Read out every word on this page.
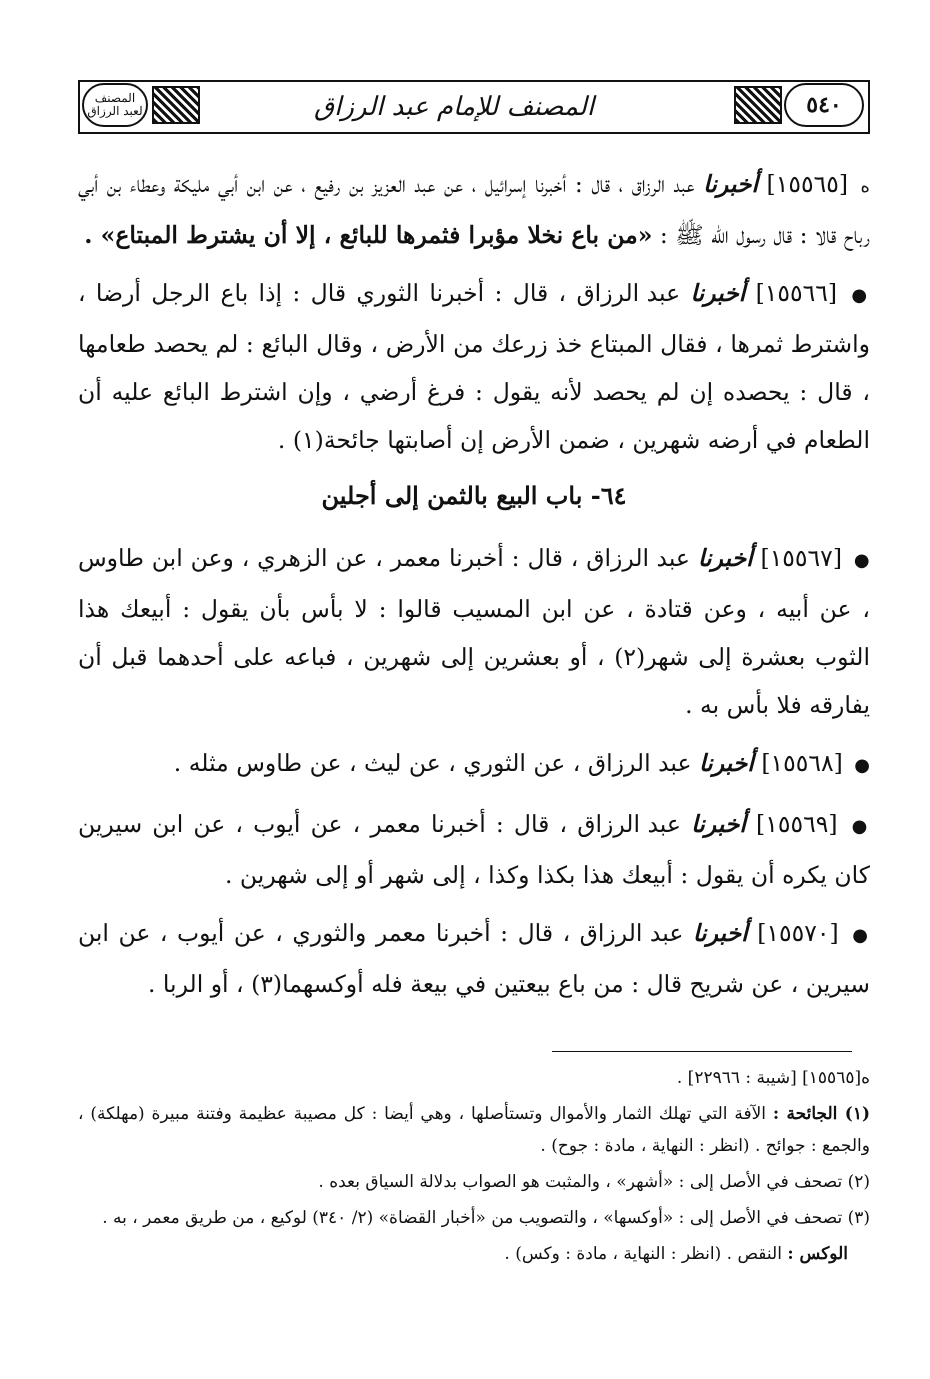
المصنف لعبد الرزاق	المصنف للإمام عبد الرزاق	٥٤٠

ه [١٥٥٦٥] أخبرنا عبد الرزاق ، قال : أخبرنا إسرائيل ، عن عبد العزيز بن رفيع ، عن ابن أبي مليكة وعطاء بن أبي رباح قالا : قال رسول الله ﷺ : «من باع نخلا مؤبرا فثمرها للبائع ، إلا أن يشترط المبتاع» .

● [١٥٥٦٦] أخبرنا عبد الرزاق ، قال : أخبرنا الثوري قال : إذا باع الرجل أرضا ، واشترط ثمرها ، فقال المبتاع خذ زرعك من الأرض ، وقال البائع : لم يحصد طعامها ، قال : يحصده إن لم يحصد لأنه يقول : فرغ أرضي ، وإن اشترط البائع عليه أن الطعام في أرضه شهرين ، ضمن الأرض إن أصابتها جائحة(١) .

٦٤- باب البيع بالثمن إلى أجلين

● [١٥٥٦٧] أخبرنا عبد الرزاق ، قال : أخبرنا معمر ، عن الزهري ، وعن ابن طاوس ، عن أبيه ، وعن قتادة ، عن ابن المسيب قالوا : لا بأس بأن يقول : أبيعك هذا الثوب بعشرة إلى شهر(٢) ، أو بعشرين إلى شهرين ، فباعه على أحدهما قبل أن يفارقه فلا بأس به .

● [١٥٥٦٨] أخبرنا عبد الرزاق ، عن الثوري ، عن ليث ، عن طاوس مثله .

● [١٥٥٦٩] أخبرنا عبد الرزاق ، قال : أخبرنا معمر ، عن أيوب ، عن ابن سيرين كان يكره أن يقول : أبيعك هذا بكذا وكذا ، إلى شهر أو إلى شهرين .

● [١٥٥٧٠] أخبرنا عبد الرزاق ، قال : أخبرنا معمر والثوري ، عن أيوب ، عن ابن سيرين ، عن شريح قال : من باع بيعتين في بيعة فله أوكسهما(٣) ، أو الربا .

ه[١٥٥٦٥] [شيبة : ٢٢٩٦٦] .

(١) الجائحة : الآفة التي تهلك الثمار والأموال وتستأصلها ، وهي أيضا : كل مصيبة عظيمة وفتنة مبيرة (مهلكة) ، والجمع : جوائح . (انظر : النهاية ، مادة : جوح) .

(٢) تصحف في الأصل إلى : «أشهر» ، والمثبت هو الصواب بدلالة السياق بعده .

(٣) تصحف في الأصل إلى : «أوكسها» ، والتصويب من «أخبار القضاة» (٢/ ٣٤٠) لوكيع ، من طريق معمر ، به .

الوكس : النقص . (انظر : النهاية ، مادة : وكس) .
